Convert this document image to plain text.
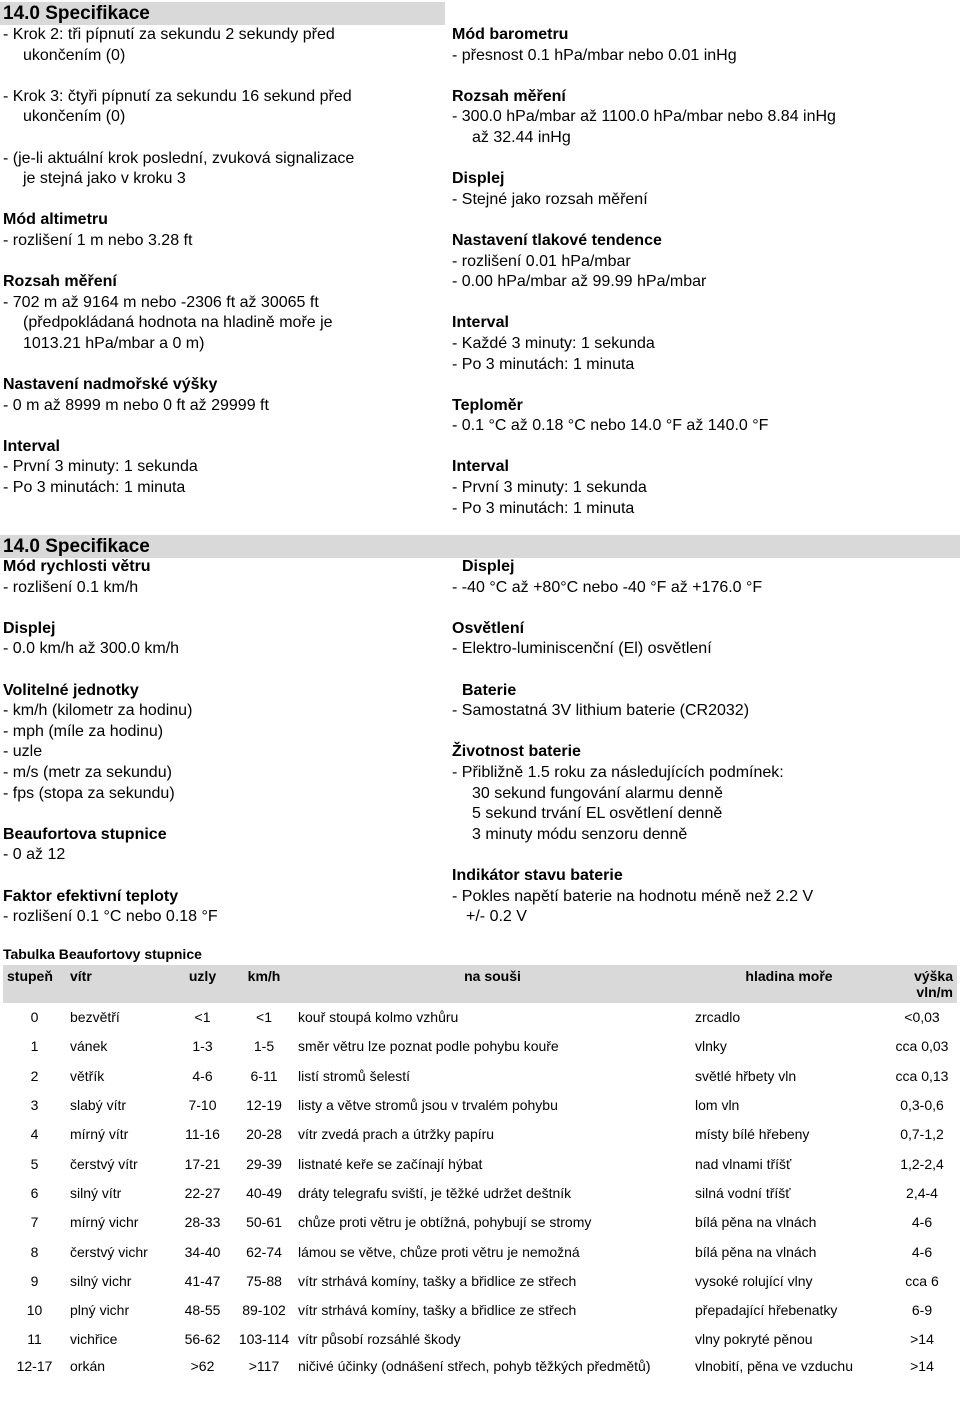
14.0 Specifikace
- Krok 2: tři pípnutí za sekundu 2 sekundy před
ukončením (0)
- Krok 3: čtyři pípnutí za sekundu 16 sekund před
ukončením (0)
- (je-li aktuální krok poslední, zvuková signalizace
je stejná jako v kroku 3
Mód altimetru
- rozlišení 1 m nebo 3.28 ft
Rozsah měření
- 702 m až 9164 m nebo -2306 ft až 30065 ft
(předpokládaná hodnota na hladině moře je
1013.21 hPa/mbar a 0 m)
Nastavení nadmořské výšky
- 0 m až 8999 m nebo 0 ft až 29999 ft
Interval
- První 3 minuty: 1 sekunda
- Po 3 minutách: 1 minuta
Mód barometru
- přesnost 0.1 hPa/mbar nebo 0.01 inHg
Rozsah měření
- 300.0 hPa/mbar až 1100.0 hPa/mbar nebo 8.84 inHg
až 32.44 inHg
Displej
- Stejné jako rozsah měření
Nastavení tlakové tendence
- rozlišení 0.01 hPa/mbar
- 0.00 hPa/mbar až 99.99 hPa/mbar
Interval
- Každé 3 minuty: 1 sekunda
- Po 3 minutách: 1 minuta
Teploměr
- 0.1 °C až 0.18 °C nebo 14.0 °F až 140.0 °F
Interval
- První 3 minuty: 1 sekunda
- Po 3 minutách: 1 minuta
14.0 Specifikace
Mód rychlosti větru
- rozlišení 0.1 km/h
Displej
- 0.0 km/h až 300.0 km/h
Volitelné jednotky
- km/h (kilometr za hodinu)
- mph (míle za hodinu)
- uzle
- m/s (metr za sekundu)
- fps (stopa za sekundu)
Beaufortova stupnice
- 0 až 12
Faktor efektivní teploty
- rozlišení 0.1 °C nebo 0.18 °F
Displej
- -40 °C až +80°C nebo -40 °F až +176.0 °F
Osvětlení
- Elektro-luminiscenční (El) osvětlení
Baterie
- Samostatná 3V lithium baterie (CR2032)
Životnost baterie
- Přibližně 1.5 roku za následujících podmínek:
30 sekund fungování alarmu denně
5 sekund trvání EL osvětlení denně
3 minuty módu senzoru denně
Indikátor stavu baterie
- Pokles napětí baterie na hodnotu méně než 2.2 V
+/- 0.2 V
Tabulka Beaufortovy stupnice
stupeň	vítr	uzly	km/h	na souši	hladina moře	výška vln/m
0	bezvětří	<1	<1	kouř stoupá kolmo vzhůru	zrcadlo	<0,03
1	vánek	1-3	1-5	směr větru lze poznat podle pohybu kouře	vlnky	cca 0,03
2	větřík	4-6	6-11	listí stromů šelestí	světlé hřbety vln	cca 0,13
3	slabý vítr	7-10	12-19	listy a větve stromů jsou v trvalém pohybu	lom vln	0,3-0,6
4	mírný vítr	11-16	20-28	vítr zvedá prach a útržky papíru	místy bílé hřebeny	0,7-1,2
5	čerstvý vítr	17-21	29-39	listnaté keře se začínají hýbat	nad vlnami tříšť	1,2-2,4
6	silný vítr	22-27	40-49	dráty telegrafu sviští, je těžké udržet deštník	silná vodní tříšť	2,4-4
7	mírný vichr	28-33	50-61	chůze proti větru je obtížná, pohybují se stromy	bílá pěna na vlnách	4-6
8	čerstvý vichr	34-40	62-74	lámou se větve, chůze proti větru je nemožná	bílá pěna na vlnách	4-6
9	silný vichr	41-47	75-88	vítr strhává komíny, tašky a břidlice ze střech	vysoké rolující vlny	cca 6
10	plný vichr	48-55	89-102	vítr strhává komíny, tašky a břidlice ze střech	přepadající hřebenatky	6-9
11	vichřice	56-62	103-114	vítr působí rozsáhlé škody	vlny pokryté pěnou	>14
12-17	orkán	>62	>117	ničivé účinky (odnášení střech, pohyb těžkých předmětů)	vlnobití, pěna ve vzduchu	>14
